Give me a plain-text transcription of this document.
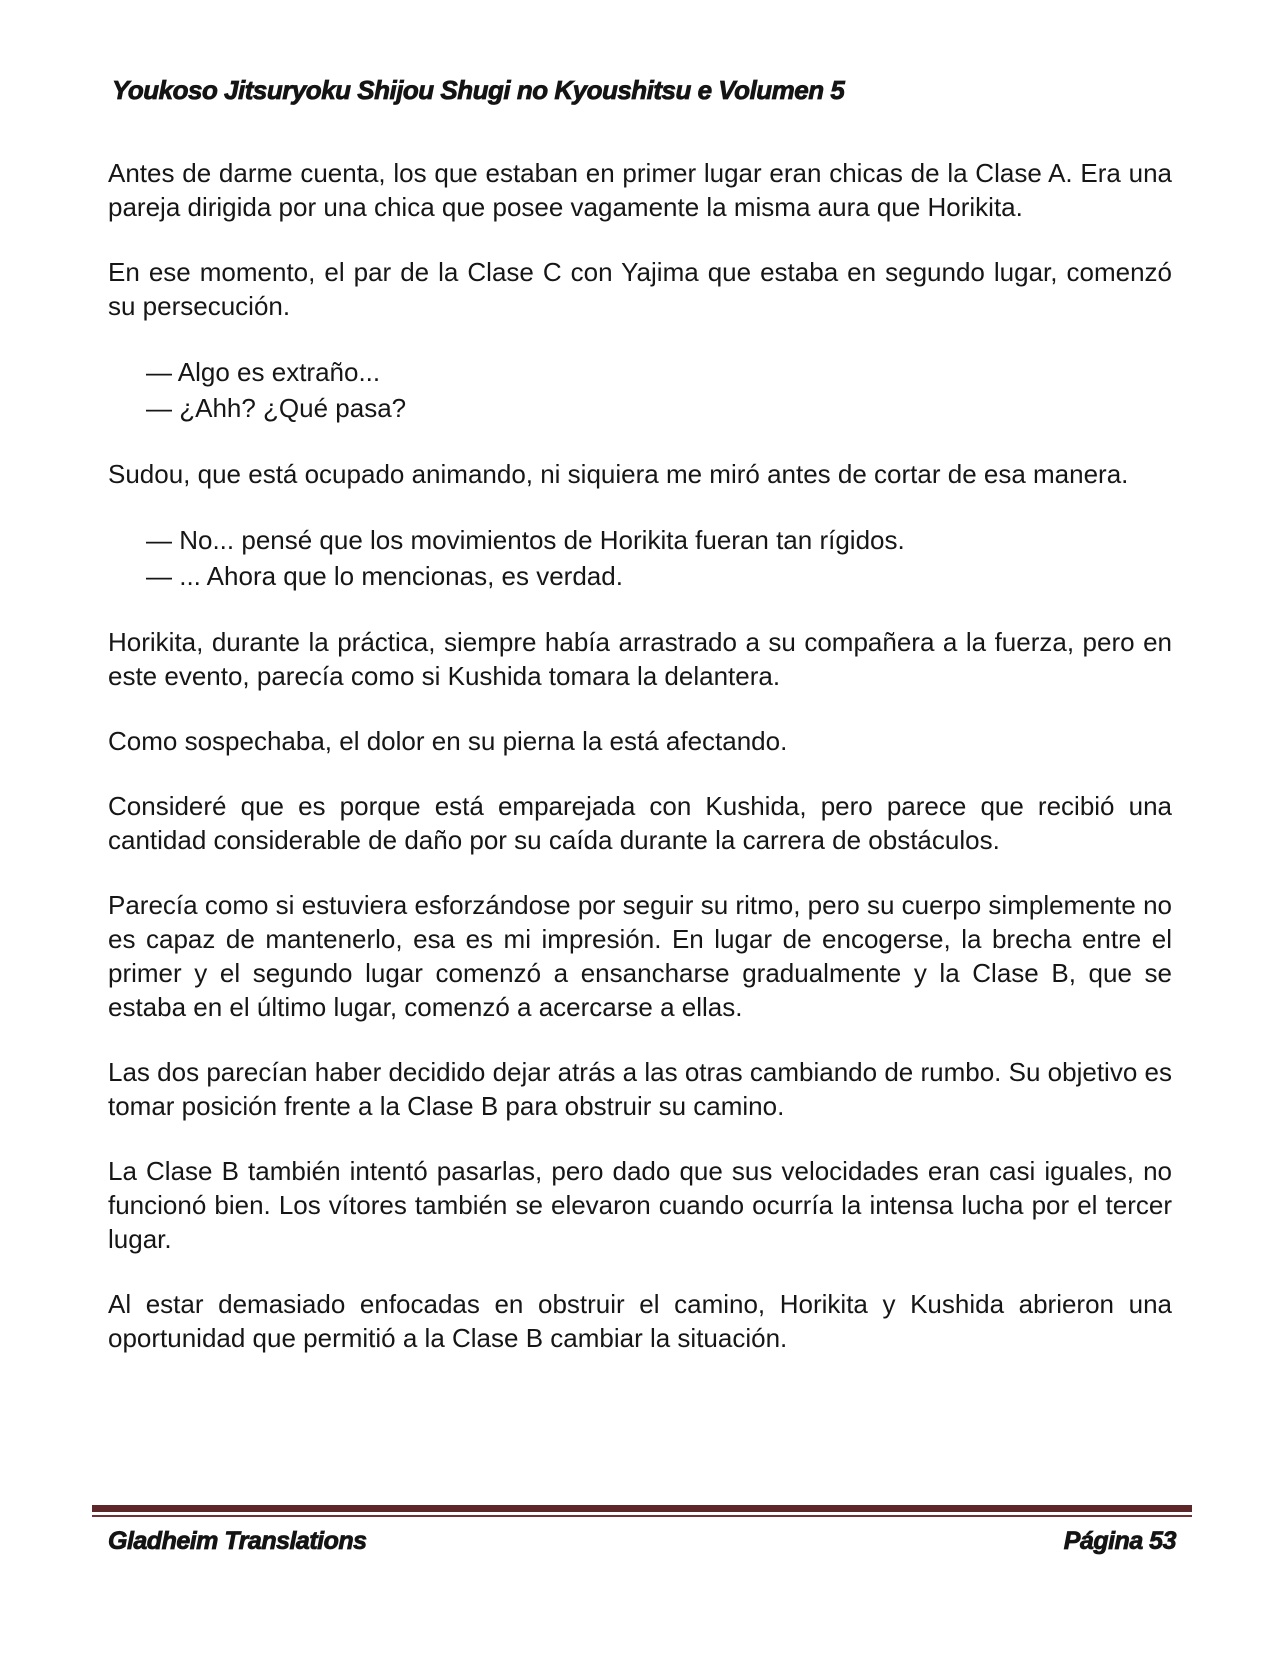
Youkoso Jitsuryoku Shijou Shugi no Kyoushitsu e Volumen 5

Antes de darme cuenta, los que estaban en primer lugar eran chicas de la Clase A. Era una pareja dirigida por una chica que posee vagamente la misma aura que Horikita.

En ese momento, el par de la Clase C con Yajima que estaba en segundo lugar, comenzó su persecución.

— Algo es extraño...

— ¿Ahh? ¿Qué pasa?

Sudou, que está ocupado animando, ni siquiera me miró antes de cortar de esa manera.

— No... pensé que los movimientos de Horikita fueran tan rígidos.

— ... Ahora que lo mencionas, es verdad.

Horikita, durante la práctica, siempre había arrastrado a su compañera a la fuerza, pero en este evento, parecía como si Kushida tomara la delantera.

Como sospechaba, el dolor en su pierna la está afectando.

Consideré que es porque está emparejada con Kushida, pero parece que recibió una cantidad considerable de daño por su caída durante la carrera de obstáculos.

Parecía como si estuviera esforzándose por seguir su ritmo, pero su cuerpo simplemente no es capaz de mantenerlo, esa es mi impresión. En lugar de encogerse, la brecha entre el primer y el segundo lugar comenzó a ensancharse gradualmente y la Clase B, que se estaba en el último lugar, comenzó a acercarse a ellas.

Las dos parecían haber decidido dejar atrás a las otras cambiando de rumbo. Su objetivo es tomar posición frente a la Clase B para obstruir su camino.

La Clase B también intentó pasarlas, pero dado que sus velocidades eran casi iguales, no funcionó bien. Los vítores también se elevaron cuando ocurría la intensa lucha por el tercer lugar.

Al estar demasiado enfocadas en obstruir el camino, Horikita y Kushida abrieron una oportunidad que permitió a la Clase B cambiar la situación.

Gladheim Translations	Página 53
